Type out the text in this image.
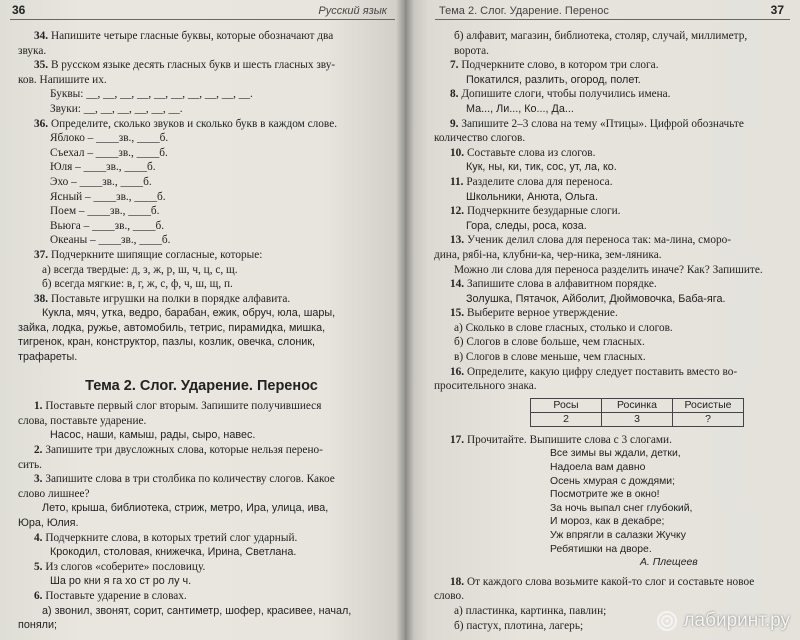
36	Русский язык

34. Напишите четыре гласные буквы, которые обозначают два

звука.

35. В русском языке десять гласных букв и шесть гласных зву-

ков. Напишите их.

Буквы: __, __, __, __, __, __, __, __, __, __.

Звуки: __, __, __, __, __, __.

36. Определите, сколько звуков и сколько букв в каждом слове.

Яблоко – ____зв., ____б.

Съехал – ____зв., ____б.

Юля – ____зв., ____б.

Эхо – ____зв., ____б.

Ясный – ____зв., ____б.

Поем – ____зв., ____б.

Вьюга – ____зв., ____б.

Океаны – ____зв., ____б.

37. Подчеркните шипящие согласные, которые:

а) всегда твердые: д, з, ж, р, ш, ч, ц, с, щ.

б) всегда мягкие: в, г, ж, с, ф, ч, ш, щ, п.

38. Поставьте игрушки на полки в порядке алфавита.

Кукла, мяч, утка, ведро, барабан, ежик, обруч, юла, шары,

зайка, лодка, ружье, автомобиль, тетрис, пирамидка, мишка,

тигренок, кран, конструктор, пазлы, козлик, овечка, слоник,

трафареты.

Тема 2. Слог. Ударение. Перенос

1. Поставьте первый слог вторым. Запишите получившиеся

слова, поставьте ударение.

Насос, наши, камыш, рады, сыро, навес.

2. Запишите три двусложных слова, которые нельзя перено-

сить.

3. Запишите слова в три столбика по количеству слогов. Какое

слово лишнее?

Лето, крыша, библиотека, стриж, метро, Ира, улица, ива,

Юра, Юлия.

4. Подчеркните слова, в которых третий слог ударный.

Крокодил, столовая, книжечка, Ирина, Светлана.

5. Из слогов «соберите» пословицу.

Ша ро кни я га хо ст ро лу ч.

6. Поставьте ударение в словах.

а) звонил, звонят, сорит, сантиметр, шофер, красивее, начал,

поняли;

Тема 2. Слог. Ударение. Перенос	37

б) алфавит, магазин, библиотека, столяр, случай, миллиметр,

ворота.

7. Подчеркните слово, в котором три слога.

Покатился, разлить, огород, полет.

8. Допишите слоги, чтобы получились имена.

Ма..., Ли..., Ко..., Да...

9. Запишите 2–3 слова на тему «Птицы». Цифрой обозначьте

количество слогов.

10. Составьте слова из слогов.

Кук, ны, ки, тик, сос, ут, ла, ко.

11. Разделите слова для переноса.

Школьники, Анюта, Ольга.

12. Подчеркните безударные слоги.

Гора, следы, роса, коза.

13. Ученик делил слова для переноса так: ма-лина, сморо-

дина, рябі-на, клубни-ка, чер-ника, зем-ляника.

Можно ли слова для переноса разделить иначе? Как? Запишите.

14. Запишите слова в алфавитном порядке.

Золушка, Пятачок, Айболит, Дюймовочка, Баба-яга.

15. Выберите верное утверждение.

а) Сколько в слове гласных, столько и слогов.

б) Слогов в слове больше, чем гласных.

в) Слогов в слове меньше, чем гласных.

16. Определите, какую цифру следует поставить вместо во-

просительного знака.

Росы	Росинка	Росистые
2	3	?

17. Прочитайте. Выпишите слова с 3 слогами.

Все зимы вы ждали, детки,
Надоела вам давно
Осень хмурая с дождями;
Посмотрите же в окно!
За ночь выпал снег глубокий,
И мороз, как в декабре;
Уж впрягли в салазки Жучку
Ребятишки на дворе.

А. Плещеев

18. От каждого слова возьмите какой-то слог и составьте новое

слово.

а) пластинка, картинка, павлин;

б) пастух, плотина, лагерь;	лабиринт.ру
